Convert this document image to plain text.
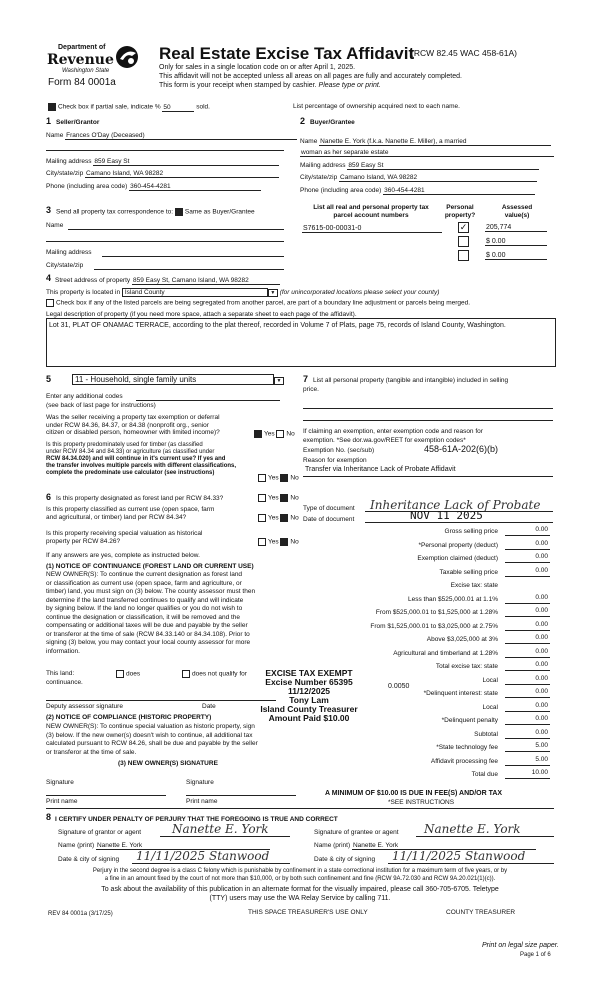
Department of
Revenue
Washington State
Form 84 0001a
Real Estate Excise Tax Affidavit
(RCW 82.45 WAC 458-61A)
Only for sales in a single location code on or after April 1, 2025.
This affidavit will not be accepted unless all areas on all pages are fully and accurately completed.
This form is your receipt when stamped by cashier. Please type or print.
Check box if partial sale, indicate % 50	sold.	List percentage of ownership acquired next to each name.
1 Seller/Grantor
Name Frances O'Day (Deceased)
Mailing address 859 Easy St
City/state/zip Camano Island, WA 98282
Phone (including area code) 360-454-4281
2 Buyer/Grantee
Name Nanette E. York (f.k.a. Nanette E. Miller), a married
woman as her separate estate
Mailing address 859 Easy St
City/state/zip Camano Island, WA 98282
Phone (including area code) 360-454-4281
3 Send all property tax correspondence to: Same as Buyer/Grantee
Name
Mailing address
City/state/zip
List all real and personal property tax
parcel account numbers
Personal
property?
Assessed
value(s)
S7615-00-00031-0	✓	205,774
$ 0.00
$ 0.00
4 Street address of property 859 Easy St, Camano Island, WA 98282
This property is located in Island County	▼ (for unincorporated locations please select your county)
Check box if any of the listed parcels are being segregated from another parcel, are part of a boundary line adjustment or parcels being merged.
Legal description of property (if you need more space, attach a separate sheet to each page of the affidavit).
Lot 31, PLAT OF ONAMAC TERRACE, according to the plat thereof, recorded in Volume 7 of Plats, page 75, records of Island County, Washington.
5	11 - Household, single family units	▼
Enter any additional codes
(see back of last page for instructions)
Was the seller receiving a property tax exemption or deferral
under RCW 84.36, 84.37, or 84.38 (nonprofit org., senior
citizen or disabled person, homeowner with limited income)?	Yes No
Is this property predominately used for timber (as classified
under RCW 84.34 and 84.33) or agriculture (as classified under
RCW 84.34.020) and will continue in it's current use? If yes and
the transfer involves multiple parcels with different classifications,
complete the predominate use calculator (see instructions)
Yes No
6 Is this property designated as forest land per RCW 84.33?	Yes No
Is this property classified as current use (open space, farm
and agricultural, or timber) land per RCW 84.34?	Yes No
Is this property receiving special valuation as historical
property per RCW 84.26?	Yes No
If any answers are yes, complete as instructed below.
(1) NOTICE OF CONTINUANCE (FOREST LAND OR CURRENT USE)
NEW OWNER(S): To continue the current designation as forest land
or classification as current use (open space, farm and agriculture, or
timber) land, you must sign on (3) below. The county assessor must then
determine if the land transferred continues to qualify and will indicate
by signing below. If the land no longer qualifies or you do not wish to
continue the designation or classification, it will be removed and the
compensating or additional taxes will be due and payable by the seller
or transferor at the time of sale (RCW 84.33.140 or 84.34.108). Prior to
signing (3) below, you may contact your local county assessor for more
information.
This land:
continuance.
does	does not qualify for
Deputy assessor signature	Date
(2) NOTICE OF COMPLIANCE (HISTORIC PROPERTY)
NEW OWNER(S): To continue special valuation as historic property, sign
(3) below. If the new owner(s) doesn't wish to continue, all additional tax
calculated pursuant to RCW 84.26, shall be due and payable by the seller
or transferor at the time of sale.
(3) NEW OWNER(S) SIGNATURE
Signature	Signature
Print name	Print name
EXCISE TAX EXEMPT
Excise Number 65395
11/12/2025
Tony Lam
Island County Treasurer
Amount Paid $10.00
7 List all personal property (tangible and intangible) included in selling
price.
If claiming an exemption, enter exemption code and reason for
exemption. *See dor.wa.gov/REET for exemption codes*
Exemption No. (sec/sub)	458-61A-202(6)(b)
Reason for exemption
Transfer via Inheritance Lack of Probate Affidavit
Type of document Inheritance Lack of Probate
Date of document	NOV 11 2025
Gross selling price	0.00
*Personal property (deduct)	0.00
Exemption claimed (deduct)	0.00
Taxable selling price	0.00
Excise tax: state
Less than $525,000.01 at 1.1%	0.00
From $525,000.01 to $1,525,000 at 1.28%	0.00
From $1,525,000.01 to $3,025,000 at 2.75%	0.00
Above $3,025,000 at 3%	0.00
Agricultural and timberland at 1.28%	0.00
Total excise tax: state	0.00
Local	0.00
*Delinquent interest: state	0.00
Local	0.00
*Delinquent penalty	0.00
Subtotal	0.00
*State technology fee	5.00
Affidavit processing fee	5.00
Total due	10.00
0.0050
A MINIMUM OF $10.00 IS DUE IN FEE(S) AND/OR TAX
*SEE INSTRUCTIONS
8 I CERTIFY UNDER PENALTY OF PERJURY THAT THE FOREGOING IS TRUE AND CORRECT
Signature of grantor or agent	Nanette E. York
Name (print) Nanette E. York
Date & city of signing 11/11/2025 Stanwood
Signature of grantee or agent Nanette E. York
Name (print) Nanette E. York
Date & city of signing 11/11/2025 Stanwood
Perjury in the second degree is a class C felony which is punishable by confinement in a state correctional institution for a maximum term of five years, or by
a fine in an amount fixed by the court of not more than $10,000, or by both such confinement and fine (RCW 9A.72.030 and RCW 9A.20.021(1)(c)).
To ask about the availability of this publication in an alternate format for the visually impaired, please call 360-705-6705. Teletype
(TTY) users may use the WA Relay Service by calling 711.
REV 84 0001a (3/17/25)	THIS SPACE TREASURER'S USE ONLY	COUNTY TREASURER
Print on legal size paper.
Page 1 of 6
